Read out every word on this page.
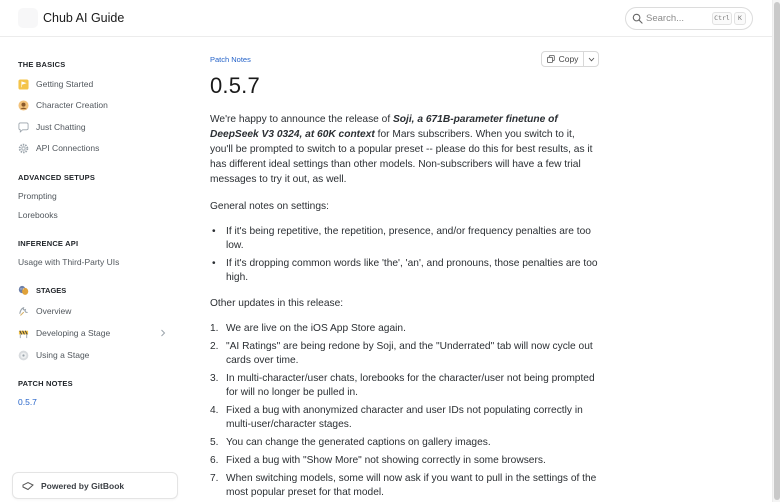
Chub AI Guide	Search...	Ctrl	K
THE BASICS
Getting Started
Character Creation
Just Chatting
API Connections
ADVANCED SETUPS
Prompting
Lorebooks
INFERENCE API
Usage with Third-Party UIs
STAGES
Overview
Developing a Stage
Using a Stage
PATCH NOTES
0.5.7
Powered by GitBook
Patch Notes	Copy
0.5.7
We're happy to announce the release of Soji, a 671B-parameter finetune of DeepSeek V3 0324, at 60K context for Mars subscribers. When you switch to it, you'll be prompted to switch to a popular preset -- please do this for best results, as it has different ideal settings than other models. Non-subscribers will have a few trial messages to try it out, as well.
General notes on settings:
• If it's being repetitive, the repetition, presence, and/or frequency penalties are too low.
• If it's dropping common words like 'the', 'an', and pronouns, those penalties are too high.
Other updates in this release:
1. We are live on the iOS App Store again.
2. "AI Ratings" are being redone by Soji, and the "Underrated" tab will now cycle out cards over time.
3. In multi-character/user chats, lorebooks for the character/user not being prompted for will no longer be pulled in.
4. Fixed a bug with anonymized character and user IDs not populating correctly in multi-user/character stages.
5. You can change the generated captions on gallery images.
6. Fixed a bug with "Show More" not showing correctly in some browsers.
7. When switching models, some will now ask if you want to pull in the settings of the most popular preset for that model.
